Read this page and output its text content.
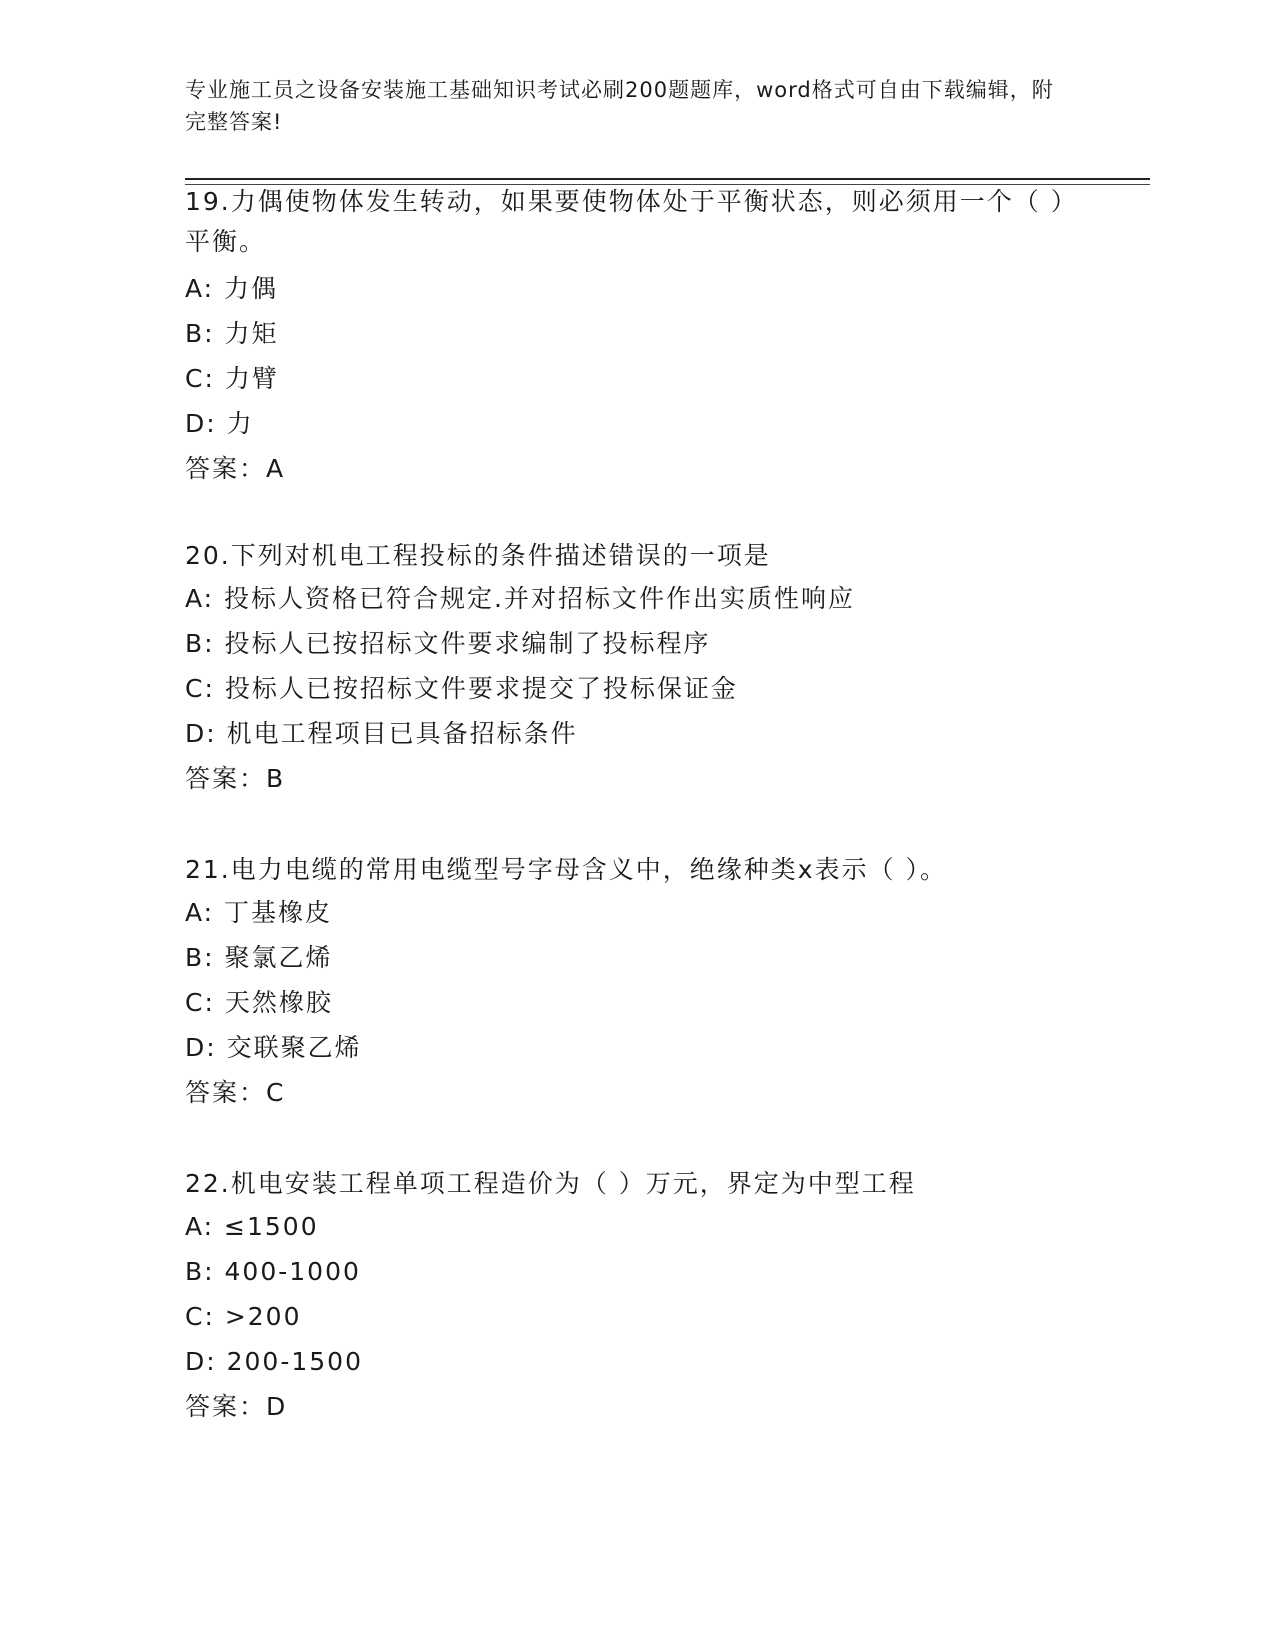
专业施工员之设备安装施工基础知识考试必刷200题题库，word格式可自由下载编辑，附完整答案!

19.力偶使物体发生转动，如果要使物体处于平衡状态，则必须用一个（ ）平衡。

A: 力偶

B: 力矩

C: 力臂

D: 力

答案：A

20.下列对机电工程投标的条件描述错误的一项是

A: 投标人资格已符合规定.并对招标文件作出实质性响应

B: 投标人已按招标文件要求编制了投标程序

C: 投标人已按招标文件要求提交了投标保证金

D: 机电工程项目已具备招标条件

答案：B

21.电力电缆的常用电缆型号字母含义中，绝缘种类x表示（ ）。

A: 丁基橡皮

B: 聚氯乙烯

C: 天然橡胶

D: 交联聚乙烯

答案：C

22.机电安装工程单项工程造价为（ ）万元，界定为中型工程

A: ≤1500

B: 400-1000

C: >200

D: 200-1500

答案：D
